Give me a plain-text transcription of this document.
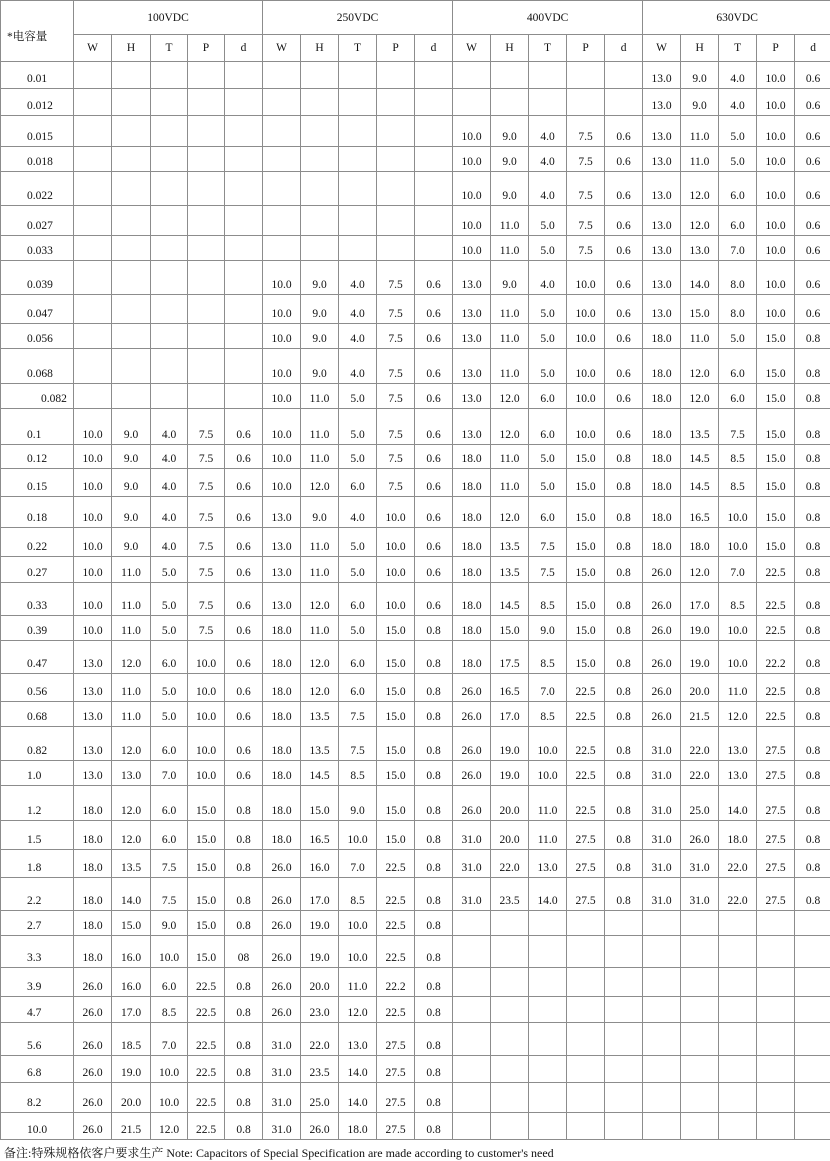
*电容量	100VDC					250VDC					400VDC					630VDC				
	W	H	T	P	d	W	H	T	P	d	W	H	T	P	d	W	H	T	P	d
0.01																13.0	9.0	4.0	10.0	0.6
0.012																13.0	9.0	4.0	10.0	0.6
0.015											10.0	9.0	4.0	7.5	0.6	13.0	11.0	5.0	10.0	0.6
0.018											10.0	9.0	4.0	7.5	0.6	13.0	11.0	5.0	10.0	0.6
0.022											10.0	9.0	4.0	7.5	0.6	13.0	12.0	6.0	10.0	0.6
0.027											10.0	11.0	5.0	7.5	0.6	13.0	12.0	6.0	10.0	0.6
0.033											10.0	11.0	5.0	7.5	0.6	13.0	13.0	7.0	10.0	0.6
0.039						10.0	9.0	4.0	7.5	0.6	13.0	9.0	4.0	10.0	0.6	13.0	14.0	8.0	10.0	0.6
0.047						10.0	9.0	4.0	7.5	0.6	13.0	11.0	5.0	10.0	0.6	13.0	15.0	8.0	10.0	0.6
0.056						10.0	9.0	4.0	7.5	0.6	13.0	11.0	5.0	10.0	0.6	18.0	11.0	5.0	15.0	0.8
0.068						10.0	9.0	4.0	7.5	0.6	13.0	11.0	5.0	10.0	0.6	18.0	12.0	6.0	15.0	0.8
0.082						10.0	11.0	5.0	7.5	0.6	13.0	12.0	6.0	10.0	0.6	18.0	12.0	6.0	15.0	0.8
0.1	10.0	9.0	4.0	7.5	0.6	10.0	11.0	5.0	7.5	0.6	13.0	12.0	6.0	10.0	0.6	18.0	13.5	7.5	15.0	0.8
0.12	10.0	9.0	4.0	7.5	0.6	10.0	11.0	5.0	7.5	0.6	18.0	11.0	5.0	15.0	0.8	18.0	14.5	8.5	15.0	0.8
0.15	10.0	9.0	4.0	7.5	0.6	10.0	12.0	6.0	7.5	0.6	18.0	11.0	5.0	15.0	0.8	18.0	14.5	8.5	15.0	0.8
0.18	10.0	9.0	4.0	7.5	0.6	13.0	9.0	4.0	10.0	0.6	18.0	12.0	6.0	15.0	0.8	18.0	16.5	10.0	15.0	0.8
0.22	10.0	9.0	4.0	7.5	0.6	13.0	11.0	5.0	10.0	0.6	18.0	13.5	7.5	15.0	0.8	18.0	18.0	10.0	15.0	0.8
0.27	10.0	11.0	5.0	7.5	0.6	13.0	11.0	5.0	10.0	0.6	18.0	13.5	7.5	15.0	0.8	26.0	12.0	7.0	22.5	0.8
0.33	10.0	11.0	5.0	7.5	0.6	13.0	12.0	6.0	10.0	0.6	18.0	14.5	8.5	15.0	0.8	26.0	17.0	8.5	22.5	0.8
0.39	10.0	11.0	5.0	7.5	0.6	18.0	11.0	5.0	15.0	0.8	18.0	15.0	9.0	15.0	0.8	26.0	19.0	10.0	22.5	0.8
0.47	13.0	12.0	6.0	10.0	0.6	18.0	12.0	6.0	15.0	0.8	18.0	17.5	8.5	15.0	0.8	26.0	19.0	10.0	22.2	0.8
0.56	13.0	11.0	5.0	10.0	0.6	18.0	12.0	6.0	15.0	0.8	26.0	16.5	7.0	22.5	0.8	26.0	20.0	11.0	22.5	0.8
0.68	13.0	11.0	5.0	10.0	0.6	18.0	13.5	7.5	15.0	0.8	26.0	17.0	8.5	22.5	0.8	26.0	21.5	12.0	22.5	0.8
0.82	13.0	12.0	6.0	10.0	0.6	18.0	13.5	7.5	15.0	0.8	26.0	19.0	10.0	22.5	0.8	31.0	22.0	13.0	27.5	0.8
1.0	13.0	13.0	7.0	10.0	0.6	18.0	14.5	8.5	15.0	0.8	26.0	19.0	10.0	22.5	0.8	31.0	22.0	13.0	27.5	0.8
1.2	18.0	12.0	6.0	15.0	0.8	18.0	15.0	9.0	15.0	0.8	26.0	20.0	11.0	22.5	0.8	31.0	25.0	14.0	27.5	0.8
1.5	18.0	12.0	6.0	15.0	0.8	18.0	16.5	10.0	15.0	0.8	31.0	20.0	11.0	27.5	0.8	31.0	26.0	18.0	27.5	0.8
1.8	18.0	13.5	7.5	15.0	0.8	26.0	16.0	7.0	22.5	0.8	31.0	22.0	13.0	27.5	0.8	31.0	31.0	22.0	27.5	0.8
2.2	18.0	14.0	7.5	15.0	0.8	26.0	17.0	8.5	22.5	0.8	31.0	23.5	14.0	27.5	0.8	31.0	31.0	22.0	27.5	0.8
2.7	18.0	15.0	9.0	15.0	0.8	26.0	19.0	10.0	22.5	0.8										
3.3	18.0	16.0	10.0	15.0	08	26.0	19.0	10.0	22.5	0.8										
3.9	26.0	16.0	6.0	22.5	0.8	26.0	20.0	11.0	22.2	0.8										
4.7	26.0	17.0	8.5	22.5	0.8	26.0	23.0	12.0	22.5	0.8										
5.6	26.0	18.5	7.0	22.5	0.8	31.0	22.0	13.0	27.5	0.8										
6.8	26.0	19.0	10.0	22.5	0.8	31.0	23.5	14.0	27.5	0.8										
8.2	26.0	20.0	10.0	22.5	0.8	31.0	25.0	14.0	27.5	0.8										
10.0	26.0	21.5	12.0	22.5	0.8	31.0	26.0	18.0	27.5	0.8										
备注:特殊规格依客户要求生产 Note: Capacitors of Special Specification are made according to customer's need
